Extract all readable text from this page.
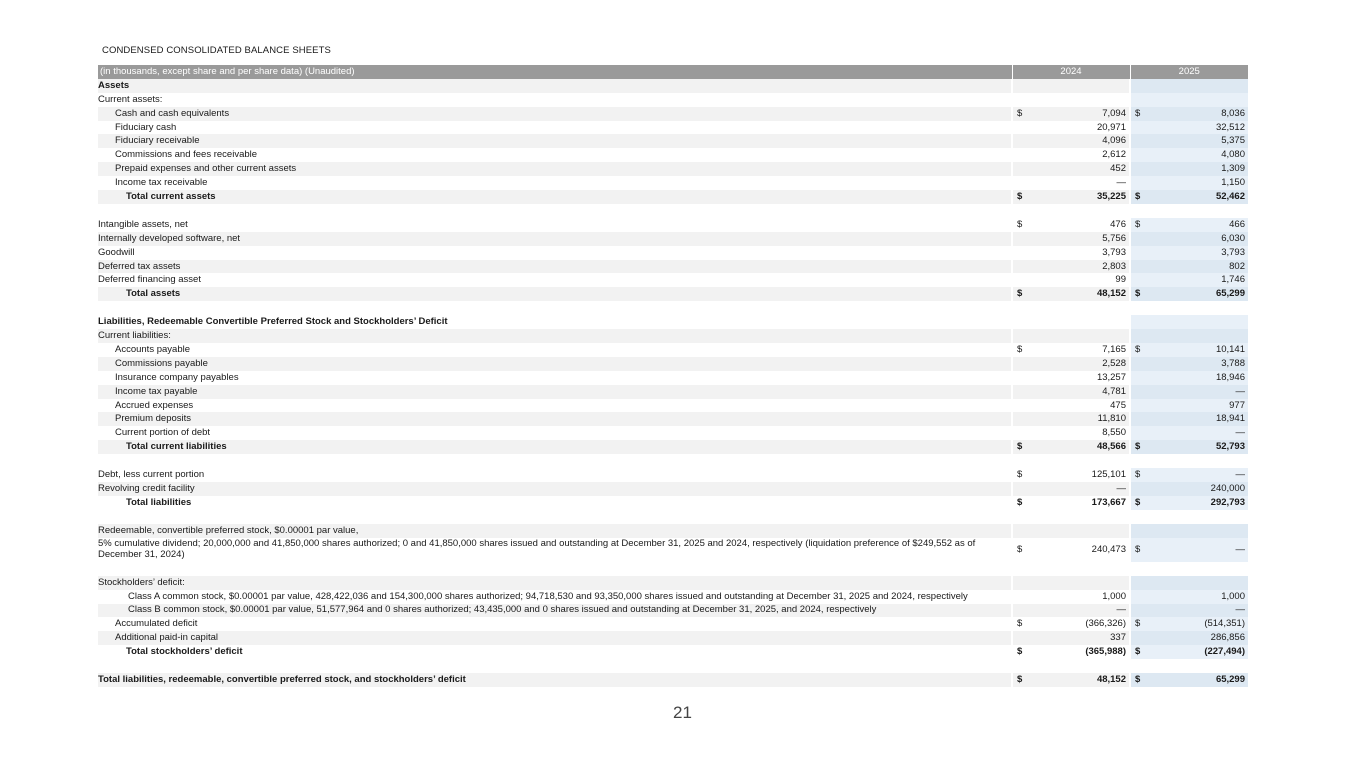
CONDENSED CONSOLIDATED BALANCE SHEETS
(in thousands, except share and per share data) (Unaudited)	2024	2025
Assets	

Current assets:	

Cash and cash equivalents	$ 7,094	$ 8,036

Fiduciary cash	20,971	32,512

Fiduciary receivable	4,096	5,375

Commissions and fees receivable	2,612	4,080

Prepaid expenses and other current assets	452	1,309

Income tax receivable	—	1,150

Total current assets	$ 35,225	$ 52,462

Intangible assets, net	$ 476	$ 466

Internally developed software, net	5,756	6,030

Goodwill	3,793	3,793

Deferred tax assets	2,803	802

Deferred financing asset	99	1,746

Total assets	$ 48,152	$ 65,299

Liabilities, Redeemable Convertible Preferred Stock and Stockholders’ Deficit	

Current liabilities:	

Accounts payable	$ 7,165	$ 10,141

Commissions payable	2,528	3,788

Insurance company payables	13,257	18,946

Income tax payable	4,781	—

Accrued expenses	475	977

Premium deposits	11,810	18,941

Current portion of debt	8,550	—

Total current liabilities	$ 48,566	$ 52,793

Debt, less current portion	$ 125,101	$ —

Revolving credit facility	—	240,000

Total liabilities	$ 173,667	$ 292,793

Redeemable, convertible preferred stock, $0.00001 par value,	

5% cumulative dividend; 20,000,000 and 41,850,000 shares authorized; 0 and 41,850,000 shares issued and outstanding at December 31, 2025 and 2024, respectively (liquidation preference of $249,552 as of December 31, 2024)	$ 240,473	$ —

Stockholders’ deficit:	

Class A common stock, $0.00001 par value, 428,422,036 and 154,300,000 shares authorized; 94,718,530 and 93,350,000 shares issued and outstanding at December 31, 2025 and 2024, respectively	1,000	1,000

Class B common stock, $0.00001 par value, 51,577,964 and 0 shares authorized; 43,435,000 and 0 shares issued and outstanding at December 31, 2025, and 2024, respectively	—	—

Accumulated deficit	$ (366,326)	$ (514,351)

Additional paid-in capital	337	286,856

Total stockholders’ deficit	$ (365,988)	$ (227,494)

Total liabilities, redeemable, convertible preferred stock, and stockholders’ deficit	$ 48,152	$ 65,299
21
